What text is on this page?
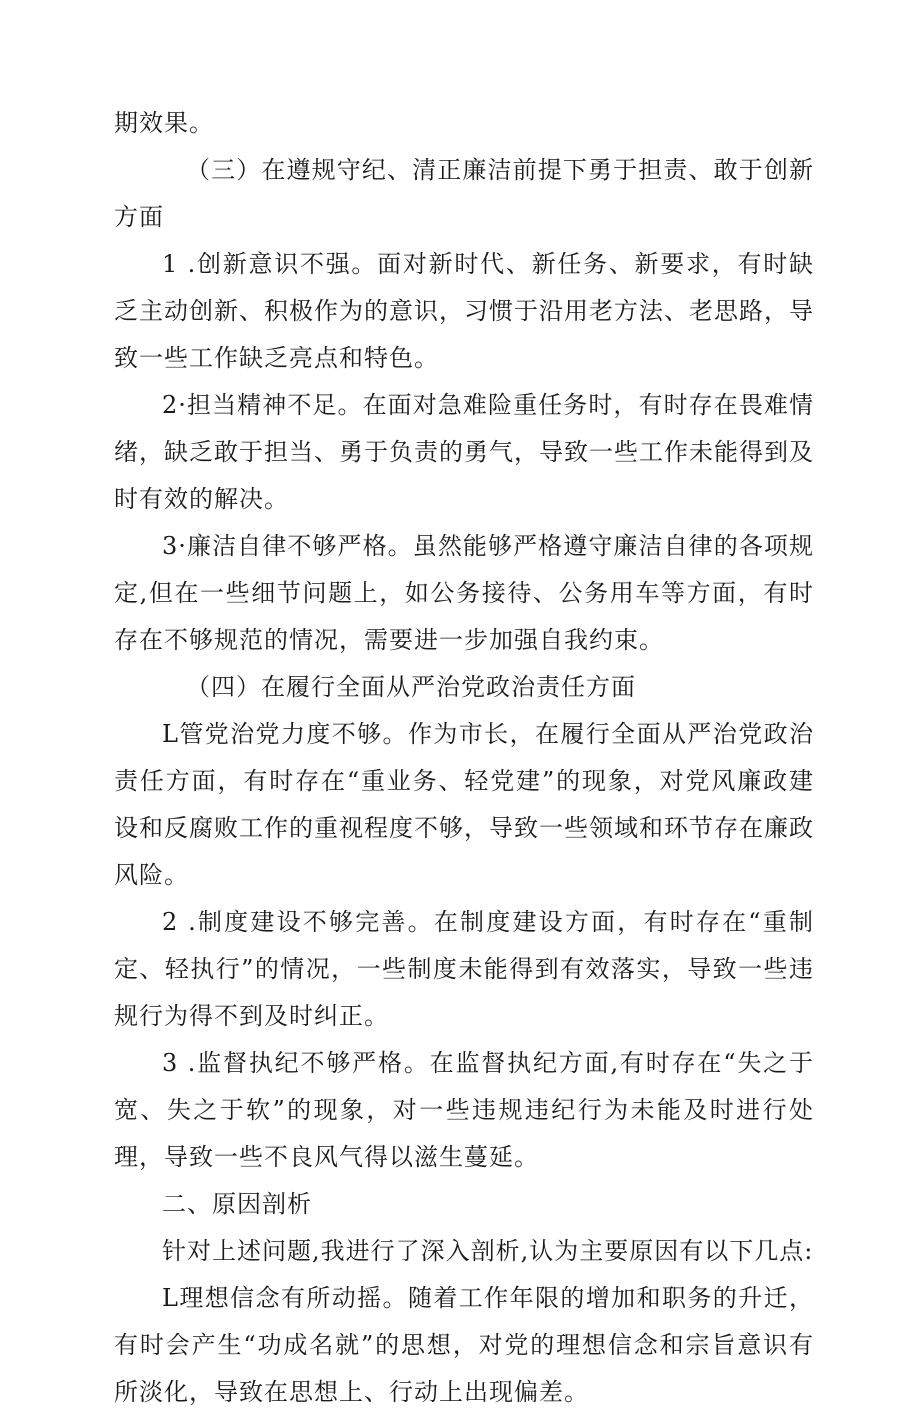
期效果。

（三）在遵规守纪、清正廉洁前提下勇于担责、敢于创新方面

1 .创新意识不强。面对新时代、新任务、新要求，有时缺乏主动创新、积极作为的意识，习惯于沿用老方法、老思路，导致一些工作缺乏亮点和特色。

2·担当精神不足。在面对急难险重任务时，有时存在畏难情绪，缺乏敢于担当、勇于负责的勇气，导致一些工作未能得到及时有效的解决。

3·廉洁自律不够严格。虽然能够严格遵守廉洁自律的各项规定,但在一些细节问题上，如公务接待、公务用车等方面，有时存在不够规范的情况，需要进一步加强自我约束。

（四）在履行全面从严治党政治责任方面

L管党治党力度不够。作为市长，在履行全面从严治党政治责任方面，有时存在“重业务、轻党建”的现象，对党风廉政建设和反腐败工作的重视程度不够，导致一些领域和环节存在廉政风险。

2 .制度建设不够完善。在制度建设方面，有时存在“重制定、轻执行”的情况，一些制度未能得到有效落实，导致一些违规行为得不到及时纠正。

3 .监督执纪不够严格。在监督执纪方面,有时存在“失之于宽、失之于软”的现象，对一些违规违纪行为未能及时进行处理，导致一些不良风气得以滋生蔓延。

二、原因剖析

针对上述问题,我进行了深入剖析,认为主要原因有以下几点:

L理想信念有所动摇。随着工作年限的增加和职务的升迁，有时会产生“功成名就”的思想，对党的理想信念和宗旨意识有所淡化，导致在思想上、行动上出现偏差。
